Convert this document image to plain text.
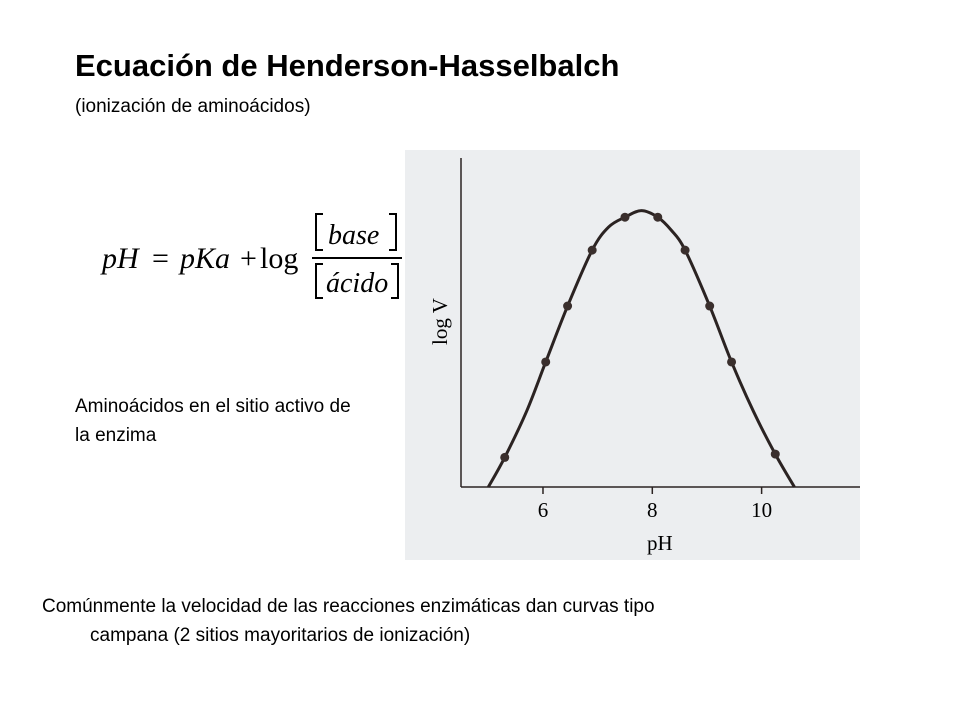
Ecuación de Henderson-Hasselbalch
(ionización de aminoácidos)
pH = pKa + log
base
ácido
Aminoácidos en el sitio activo de
la enzima
6	8	10
log V
pH
Comúnmente la velocidad de las reacciones enzimáticas dan curvas tipo
campana (2 sitios mayoritarios de ionización)
